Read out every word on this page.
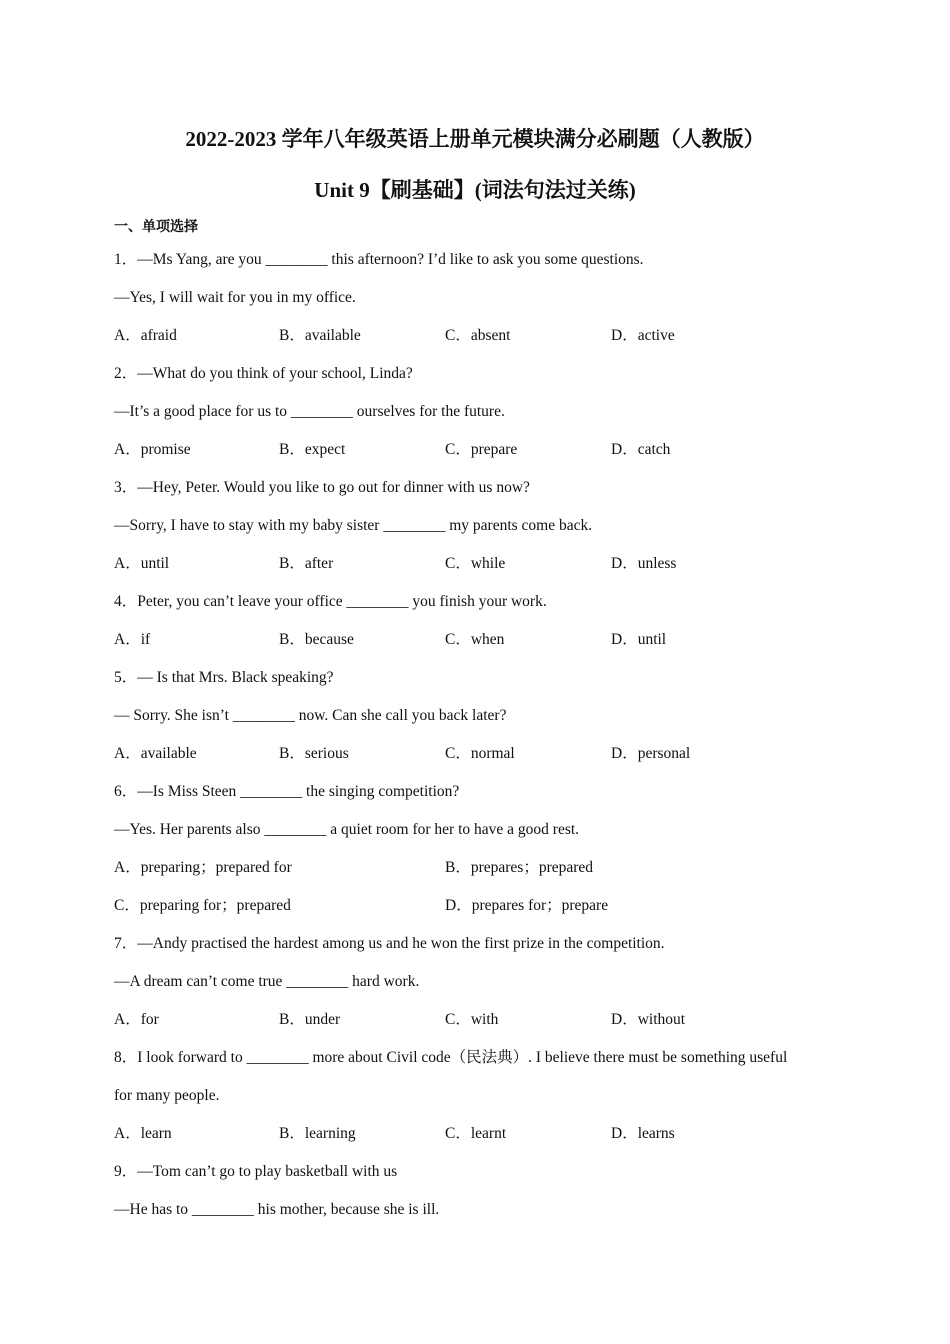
2022-2023 学年八年级英语上册单元模块满分必刷题（人教版）
Unit 9【刷基础】(词法句法过关练)
一、单项选择
1．—Ms Yang, are you ________ this afternoon? I’d like to ask you some questions.
—Yes, I will wait for you in my office.
A．afraid	B．available	C．absent	D．active
2．—What do you think of your school, Linda?
—It’s a good place for us to ________ ourselves for the future.
A．promise	B．expect	C．prepare	D．catch
3．—Hey, Peter. Would you like to go out for dinner with us now?
—Sorry, I have to stay with my baby sister ________ my parents come back.
A．until	B．after	C．while	D．unless
4．Peter, you can’t leave your office ________ you finish your work.
A．if	B．because	C．when	D．until
5．— Is that Mrs. Black speaking?
— Sorry. She isn’t ________ now. Can she call you back later?
A．available	B．serious	C．normal	D．personal
6．—Is Miss Steen ________ the singing competition?
—Yes. Her parents also ________ a quiet room for her to have a good rest.
A．preparing；prepared for	B．prepares；prepared
C．preparing for；prepared	D．prepares for；prepare
7．—Andy practised the hardest among us and he won the first prize in the competition.
—A dream can’t come true ________ hard work.
A．for	B．under	C．with	D．without
8．I look forward to ________ more about Civil code（民法典）. I believe there must be something useful
for many people.
A．learn	B．learning	C．learnt	D．learns
9．—Tom can’t go to play basketball with us
—He has to ________ his mother, because she is ill.
